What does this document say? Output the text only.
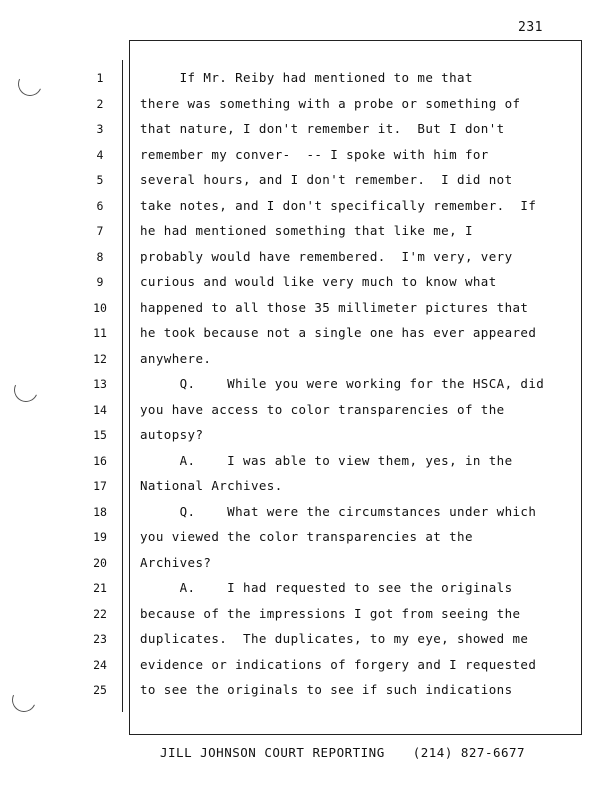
231
1	If Mr. Reiby had mentioned to me that
2	there was something with a probe or something of
3	that nature, I don't remember it.  But I don't
4	remember my conver-  -- I spoke with him for
5	several hours, and I don't remember.  I did not
6	take notes, and I don't specifically remember.  If
7	he had mentioned something that like me, I
8	probably would have remembered.  I'm very, very
9	curious and would like very much to know what
10	happened to all those 35 millimeter pictures that
11	he took because not a single one has ever appeared
12	anywhere.
13	Q.    While you were working for the HSCA, did
14	you have access to color transparencies of the
15	autopsy?
16	A.    I was able to view them, yes, in the
17	National Archives.
18	Q.    What were the circumstances under which
19	you viewed the color transparencies at the
20	Archives?
21	A.    I had requested to see the originals
22	because of the impressions I got from seeing the
23	duplicates.  The duplicates, to my eye, showed me
24	evidence or indications of forgery and I requested
25	to see the originals to see if such indications
JILL JOHNSON COURT REPORTING (214) 827-6677
